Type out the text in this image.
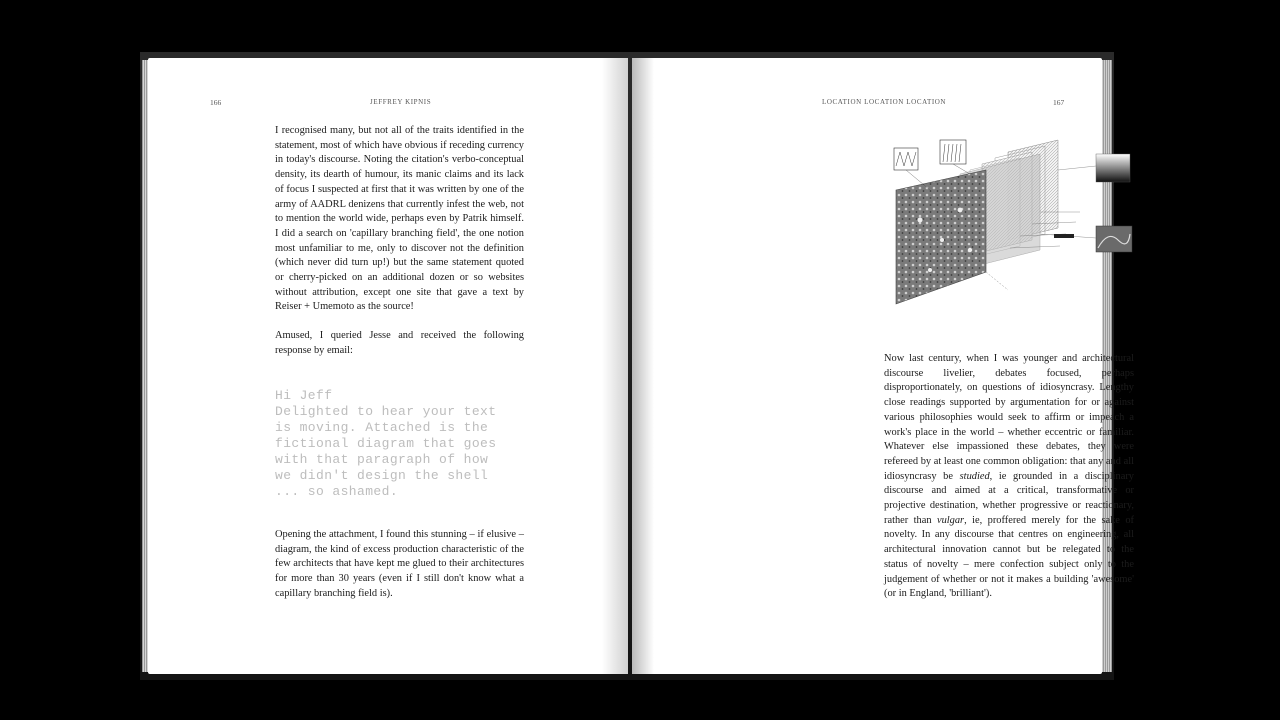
166	JEFFREY KIPNIS

I recognised many, but not all of the traits identified in the statement, most of which have obvious if receding currency in today's discourse. Noting the citation's verbo-conceptual density, its dearth of humour, its manic claims and its lack of focus I suspected at first that it was written by one of the army of AADRL denizens that currently infest the web, not to mention the world wide, perhaps even by Patrik himself. I did a search on 'capillary branching field', the one notion most unfamiliar to me, only to discover not the definition (which never did turn up!) but the same statement quoted or cherry-picked on an additional dozen or so websites without attribution, except one site that gave a text by Reiser + Umemoto as the source!

Amused, I queried Jesse and received the following response by email:

Hi Jeff
Delighted to hear your text
is moving. Attached is the
fictional diagram that goes
with that paragraph of how
we didn't design the shell
... so ashamed.

Opening the attachment, I found this stunning – if elusive – diagram, the kind of excess production characteristic of the few architects that have kept me glued to their architectures for more than 30 years (even if I still don't know what a capillary branching field is).

LOCATION LOCATION LOCATION	167

Now last century, when I was younger and architectural discourse livelier, debates focused, perhaps disproportionately, on questions of idiosyncrasy. Lengthy close readings supported by argumentation for or against various philosophies would seek to affirm or impeach a work's place in the world – whether eccentric or familiar. Whatever else impassioned these debates, they were refereed by at least one common obligation: that any and all idiosyncrasy be studied, ie grounded in a disciplinary discourse and aimed at a critical, transformative or projective destination, whether progressive or reactionary, rather than vulgar, ie, proffered merely for the sake of novelty. In any discourse that centres on engineering, all architectural innovation cannot but be relegated to the status of novelty – mere confection subject only to the judgement of whether or not it makes a building 'awesome' (or in England, 'brilliant').
